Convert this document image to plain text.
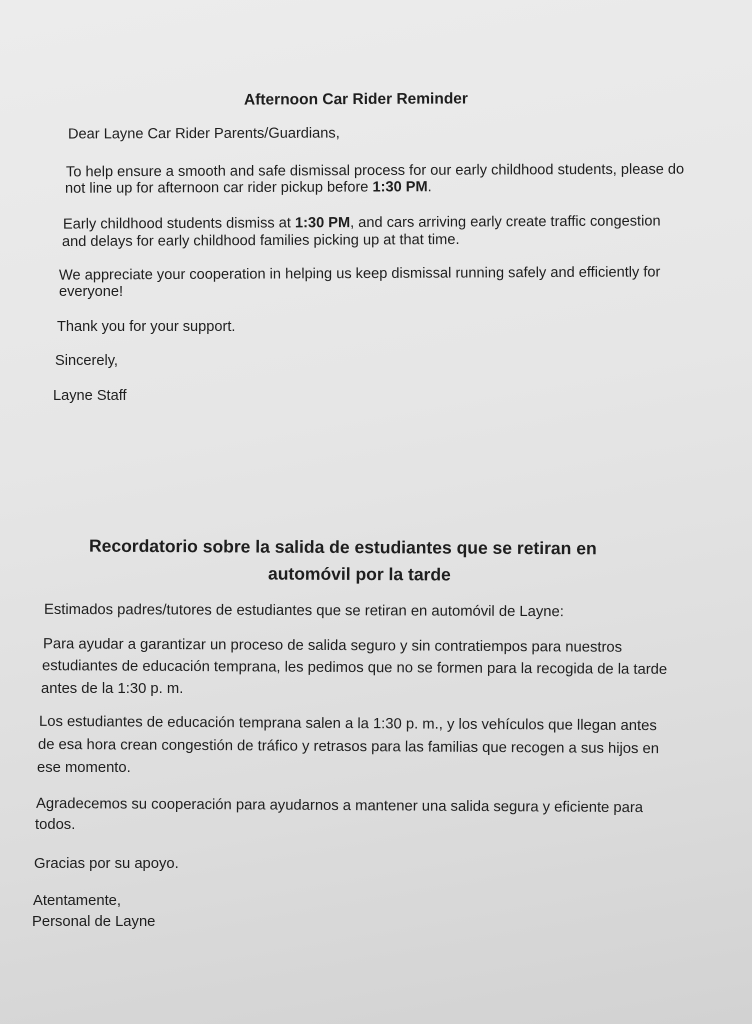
Afternoon Car Rider Reminder
Dear Layne Car Rider Parents/Guardians,
To help ensure a smooth and safe dismissal process for our early childhood students, please do
not line up for afternoon car rider pickup before 1:30 PM.
Early childhood students dismiss at 1:30 PM, and cars arriving early create traffic congestion
and delays for early childhood families picking up at that time.
We appreciate your cooperation in helping us keep dismissal running safely and efficiently for
everyone!
Thank you for your support.
Sincerely,
Layne Staff
Recordatorio sobre la salida de estudiantes que se retiran en
automóvil por la tarde
Estimados padres/tutores de estudiantes que se retiran en automóvil de Layne:
Para ayudar a garantizar un proceso de salida seguro y sin contratiempos para nuestros
estudiantes de educación temprana, les pedimos que no se formen para la recogida de la tarde
antes de la 1:30 p. m.
Los estudiantes de educación temprana salen a la 1:30 p. m., y los vehículos que llegan antes
de esa hora crean congestión de tráfico y retrasos para las familias que recogen a sus hijos en
ese momento.
Agradecemos su cooperación para ayudarnos a mantener una salida segura y eficiente para
todos.
Gracias por su apoyo.
Atentamente,
Personal de Layne
